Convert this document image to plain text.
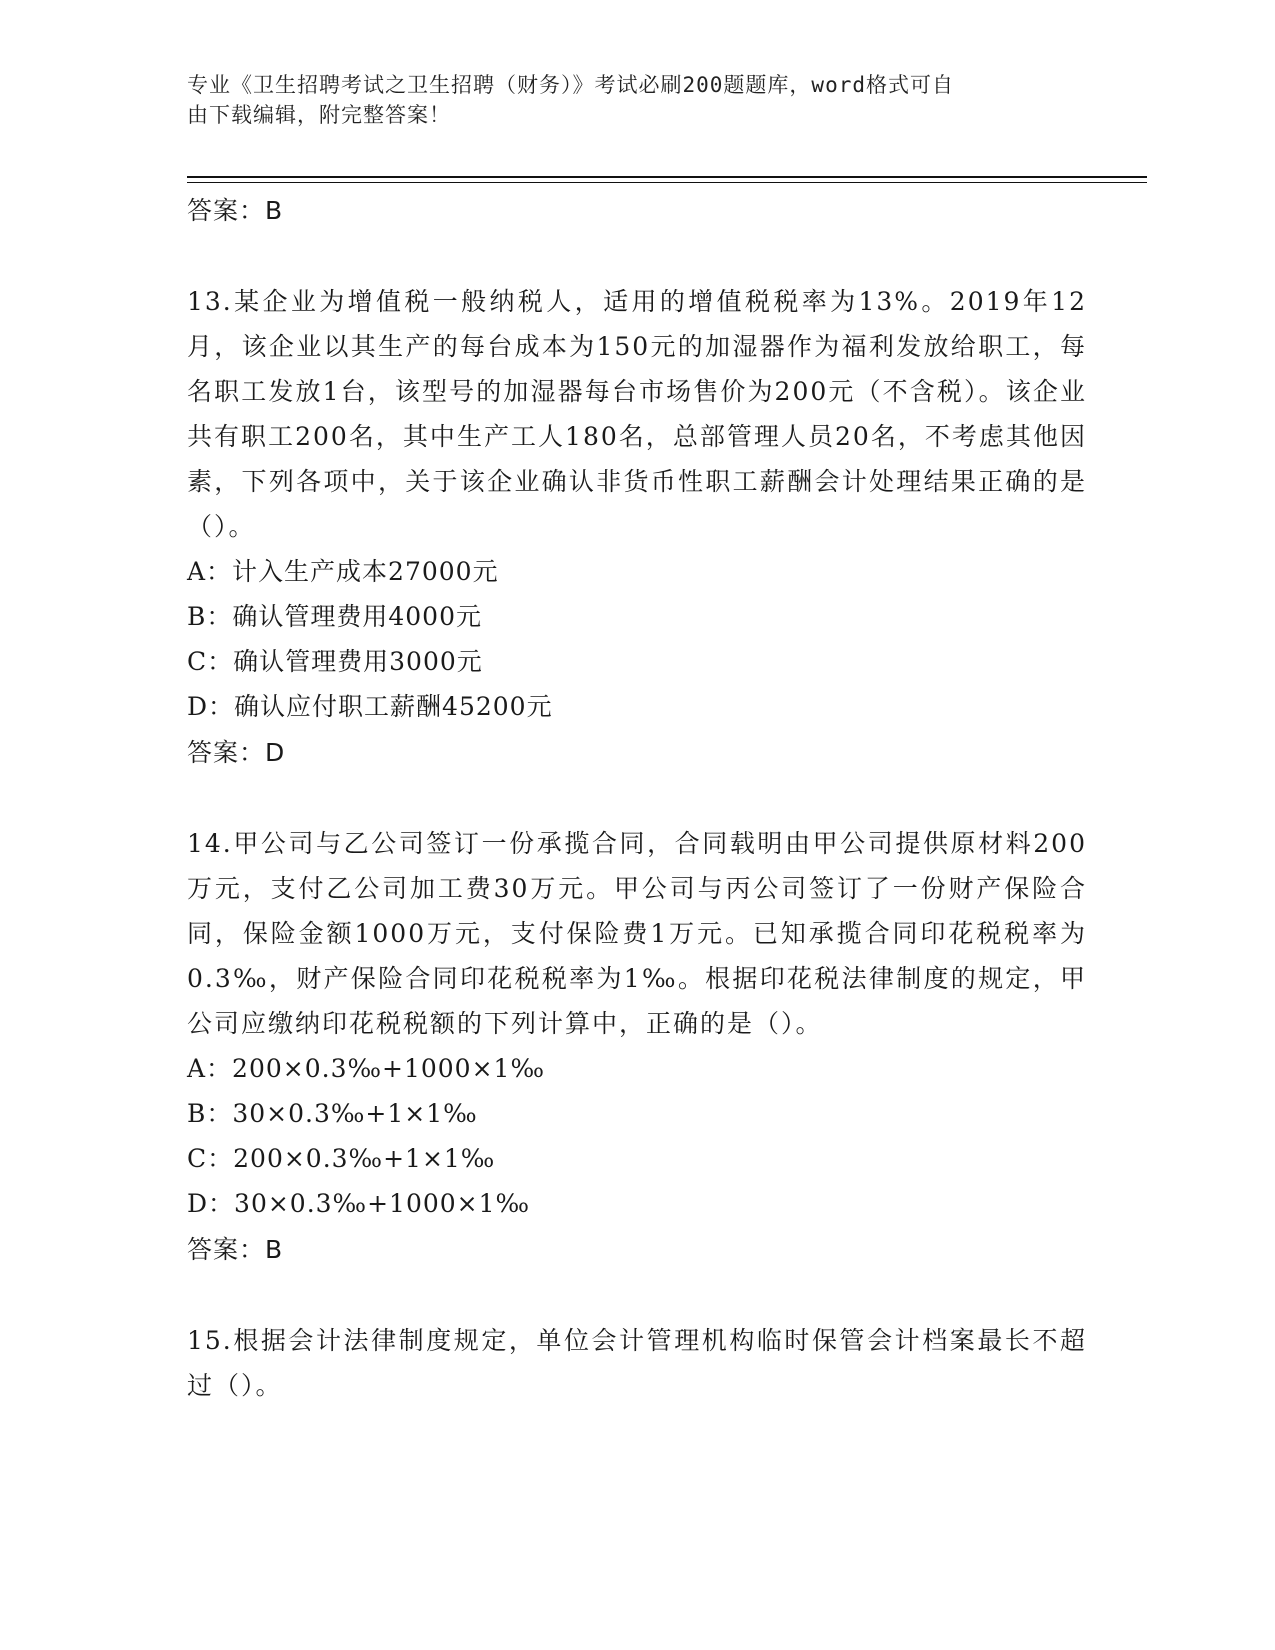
专业《卫生招聘考试之卫生招聘（财务）》考试必刷200题题库，word格式可自
由下载编辑，附完整答案！
答案：B
13.某企业为增值税一般纳税人，适用的增值税税率为13%。2019年12月，该企业以其生产的每台成本为150元的加湿器作为福利发放给职工，每名职工发放1台，该型号的加湿器每台市场售价为200元（不含税）。该企业共有职工200名，其中生产工人180名，总部管理人员20名，不考虑其他因素，下列各项中，关于该企业确认非货币性职工薪酬会计处理结果正确的是（）。
A：计入生产成本27000元
B：确认管理费用4000元
C：确认管理费用3000元
D：确认应付职工薪酬45200元
答案：D
14.甲公司与乙公司签订一份承揽合同，合同载明由甲公司提供原材料200万元，支付乙公司加工费30万元。甲公司与丙公司签订了一份财产保险合同，保险金额1000万元，支付保险费1万元。已知承揽合同印花税税率为0.3‰，财产保险合同印花税税率为1‰。根据印花税法律制度的规定，甲公司应缴纳印花税税额的下列计算中，正确的是（）。
A：200×0.3‰+1000×1‰
B：30×0.3‰+1×1‰
C：200×0.3‰+1×1‰
D：30×0.3‰+1000×1‰
答案：B
15.根据会计法律制度规定，单位会计管理机构临时保管会计档案最长不超过（）。
